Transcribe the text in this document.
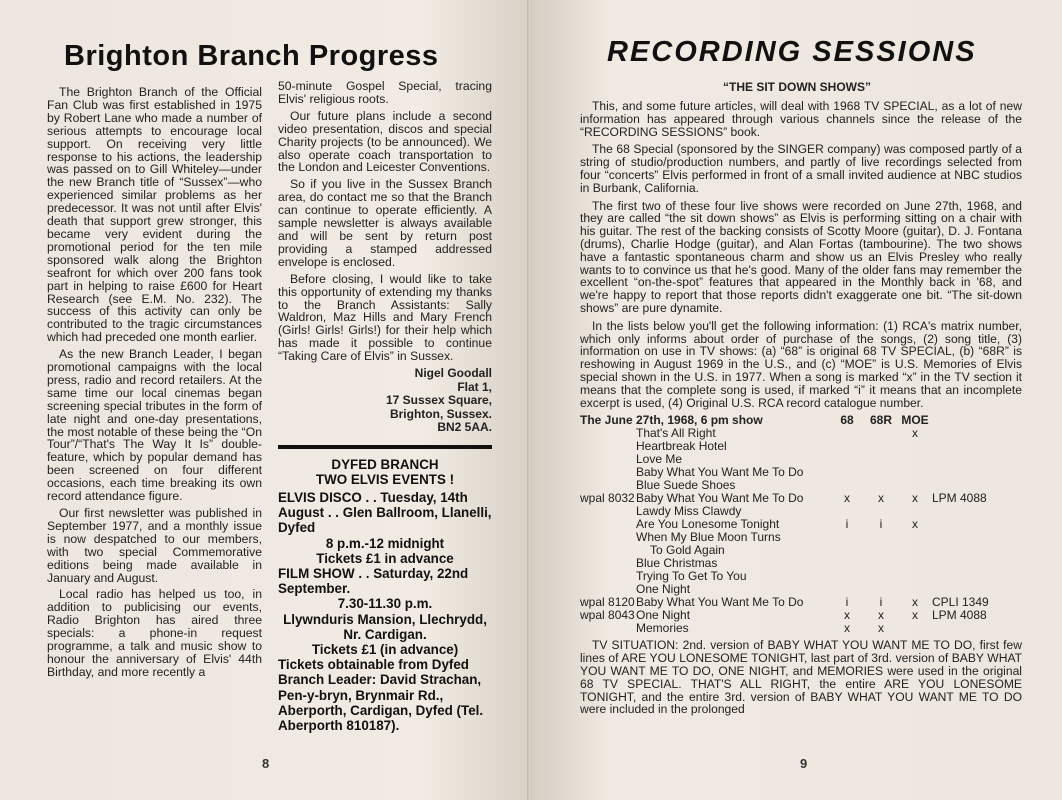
Brighton Branch Progress

The Brighton Branch of the Official Fan Club was first established in 1975 by Robert Lane who made a number of serious attempts to encourage local support. On receiving very little response to his actions, the leadership was passed on to Gill Whiteley—under the new Branch title of “Sussex”—who experienced similar problems as her predecessor. It was not until after Elvis' death that support grew stronger, this became very evident during the promotional period for the ten mile sponsored walk along the Brighton seafront for which over 200 fans took part in helping to raise £600 for Heart Research (see E.M. No. 232). The success of this activity can only be contributed to the tragic circumstances which had preceded one month earlier.

As the new Branch Leader, I began promotional campaigns with the local press, radio and record retailers. At the same time our local cinemas began screening special tributes in the form of late night and one-day presentations, the most notable of these being the “On Tour”/“That's The Way It Is” double-feature, which by popular demand has been screened on four different occasions, each time breaking its own record attendance figure.

Our first newsletter was published in September 1977, and a monthly issue is now despatched to our members, with two special Commemorative editions being made available in January and August.

Local radio has helped us too, in addition to publicising our events, Radio Brighton has aired three specials: a phone-in request programme, a talk and music show to honour the anniversary of Elvis' 44th Birthday, and more recently a

50-minute Gospel Special, tracing Elvis' religious roots.

Our future plans include a second video presentation, discos and special Charity projects (to be announced). We also operate coach transportation to the London and Leicester Conventions.

So if you live in the Sussex Branch area, do contact me so that the Branch can continue to operate efficiently. A sample newsletter is always available and will be sent by return post providing a stamped addressed envelope is enclosed.

Before closing, I would like to take this opportunity of extending my thanks to the Branch Assistants: Sally Waldron, Maz Hills and Mary French (Girls! Girls! Girls!) for their help which has made it possible to continue “Taking Care of Elvis” in Sussex.

Nigel Goodall
Flat 1,
17 Sussex Square,
Brighton, Sussex.
BN2 5AA.
DYFED BRANCH
TWO ELVIS EVENTS !
ELVIS DISCO . . Tuesday, 14th August . . Glen Ballroom, Llanelli, Dyfed
8 p.m.-12 midnight
Tickets £1 in advance
FILM SHOW . . Saturday, 22nd September.
7.30-11.30 p.m.
Llywnduris Mansion, Llechrydd, Nr. Cardigan.
Tickets £1 (in advance)
Tickets obtainable from Dyfed Branch Leader: David Strachan, Pen-y-bryn, Brynmair Rd., Aberporth, Cardigan, Dyfed (Tel. Aberporth 810187).
8
RECORDING SESSIONS
“THE SIT DOWN SHOWS”

This, and some future articles, will deal with 1968 TV SPECIAL, as a lot of new information has appeared through various channels since the release of the “RECORDING SESSIONS” book.

The 68 Special (sponsored by the SINGER company) was composed partly of a string of studio/production numbers, and partly of live recordings selected from four “concerts” Elvis performed in front of a small invited audience at NBC studios in Burbank, California.

The first two of these four live shows were recorded on June 27th, 1968, and they are called “the sit down shows” as Elvis is performing sitting on a chair with his guitar. The rest of the backing consists of Scotty Moore (guitar), D. J. Fontana (drums), Charlie Hodge (guitar), and Alan Fortas (tambourine). The two shows have a fantastic spontaneous charm and show us an Elvis Presley who really wants to to convince us that he's good. Many of the older fans may remember the excellent “on-the-spot” features that appeared in the Monthly back in '68, and we're happy to report that those reports didn't exaggerate one bit. “The sit-down shows” are pure dynamite.

In the lists below you'll get the following information: (1) RCA's matrix number, which only informs about order of purchase of the songs, (2) song title, (3) information on use in TV shows: (a) “68” is original 68 TV SPECIAL, (b) “68R” is reshowing in August 1969 in the U.S., and (c) “MOE” is U.S. Memories of Elvis special shown in the U.S. in 1977. When a song is marked “x” in the TV section it means that the complete song is used, if marked “i” it means that an incomplete excerpt is used, (4) Original U.S. RCA record catalogue number.

The June 27th, 1968, 6 pm show		68	68R	MOE	
	That's All Right			x	
	Heartbreak Hotel				
	Love Me				
	Baby What You Want Me To Do				
	Blue Suede Shoes				
wpal 8032	Baby What You Want Me To Do	x	x	x	LPM 4088
	Lawdy Miss Clawdy				
	Are You Lonesome Tonight	i	i	x	
	When My Blue Moon Turns				
	To Gold Again				
	Blue Christmas				
	Trying To Get To You				
	One Night				
wpal 8120	Baby What You Want Me To Do	i	i	x	CPLI 1349
wpal 8043	One Night	x	x	x	LPM 4088
	Memories	x	x		

TV SITUATION: 2nd. version of BABY WHAT YOU WANT ME TO DO, first few lines of ARE YOU LONESOME TONIGHT, last part of 3rd. version of BABY WHAT YOU WANT ME TO DO, ONE NIGHT, and MEMORIES were used in the original 68 TV SPECIAL. THAT'S ALL RIGHT, the entire ARE YOU LONESOME TONIGHT, and the entire 3rd. version of BABY WHAT YOU WANT ME TO DO were included in the prolonged

9
